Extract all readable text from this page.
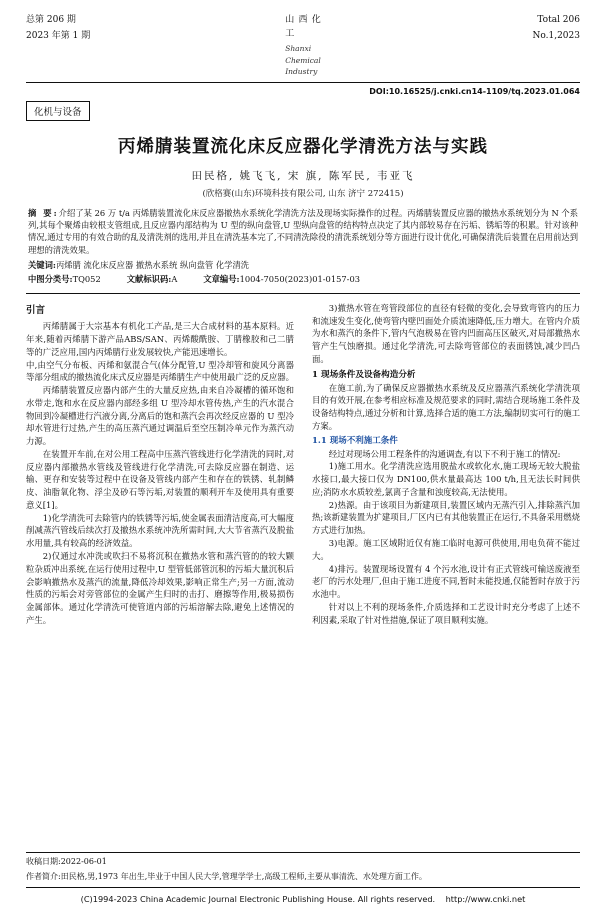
总第 206 期
2023 年第 1 期
山西化工
Shanxi Chemical Industry
Total 206
No.1,2023
DOI:10.16525/j.cnki.cn14-1109/tq.2023.01.064
化机与设备
丙烯腈装置流化床反应器化学清洗方法与实践
田民格, 姚飞飞, 宋 旗, 陈军民, 韦亚飞
(欣格赛(山东)环境科技有限公司, 山东 济宁 272415)
摘 要:介绍了某 26 万 t/a 丙烯腈装置流化床反应器撤热水系统化学清洗方法及现场实际操作的过程。丙烯腈装置反应器的撤热水系统划分为 N 个系列,其每个聚烯由较根支管组成,且反应器内部结构为 U 型的纵向盘管,U 型纵向盘管的结构特点决定了其内部较易存在污垢、锈垢等的积累。针对该种情况,通过专用的有效合助的乱及清洗剂的选用,并且在清洗基本完了,不同清洗除役的清洗系统划分等方面进行设计优化,可确保清洗后装置在启用前达到理想的清洗效果。
关键词:丙烯腈 流化床反应器 撤热水系统 纵向盘管 化学清洗
中图分类号:TQ052	文献标识码:A	文章编号:1004-7050(2023)01-0157-03
引言

丙烯腈属于大宗基本有机化工产品,是三大合成材料的基本原料。近年来,随着丙烯腈下游产品ABS/SAN、丙烯酸酰胺、丁腈橡胶和己二腈等的广泛应用,国内丙烯腈行业发展较快,产能迅速增长。

中,由空气分布板、丙烯和氨混合气(体分配管,U 型冷却管和旋风分离器等部分组成的撤热流化床式反应器是丙烯腈生产中使用最广泛的反应器。

丙烯腈装置反应器内部产生的大量反应热,由来自冷凝槽的循环饱和水带走,饱和水在反应器内部经多组 U 型冷却水管传热,产生的汽水混合物回到冷凝槽进行汽液分离,分离后的饱和蒸汽会再次经反应器的 U 型冷却水管进行过热,产生的高压蒸汽通过调温后至空压制冷单元作为蒸汽动力源。

在装置开车前,在对公用工程高中压蒸汽管线进行化学清洗的同时,对反应器内部撤热水管线及管线进行化学清洗,可去除反应器在制造、运输、更存和安装等过程中在设备及管线内部产生和存在的铁锈、轧制鳞皮、油脂氧化物、浮尘及砂石等污垢,对装置的顺利开车及使用具有重要意义[1]。

1)化学清洗可去除管内的铁锈等污垢,使金属表面清洁度高,可大幅度削减蒸汽管线后续次打及撤热水系统冲洗所需时间,大大节省蒸汽及脱盐水用量,具有较高的经济效益。

2)仅通过水冲洗或吹扫不易将沉积在撤热水管和蒸汽管的的较大颗粒杂质冲出系统,在运行使用过程中,U 型管低部管沉积的污垢大量沉积后会影响撤热水及蒸汽的流量,降低冷却效果,影响正常生产;另一方面,流动性质的污垢会对旁管部位的金属产生归时的击打、磨擦等作用,极易损伤金属部体。通过化学清洗可使管道内部的污垢溶解去除,避免上述情况的产生。

3)撤热水管在弯管段部位的直径有轻微的变化,会导致弯管内的压力和流速发生变化,使弯管内壁凹面处介质流速降低,压力增大。在管内介质为水和蒸汽的条件下,管内气泡极易在管内凹面高压区破灭,对局部撤热水管产生气蚀磨损。通过化学清洗,可去除弯管部位的表面锈蚀,减少凹凸面。

1 现场条件及设备构造分析

在施工前,为了确保反应器撤热水系统及反应器蒸汽系统化学清洗项目的有效开展,在参考相应标准及规范要求的同时,需结合现场施工条件及设备结构特点,通过分析和计算,选择合适的施工方法,编制切实可行的施工方案。

1.1 现场不利施工条件

经过对现场公用工程条件的沟通调查,有以下不利于施工的情况:

1)施工用水。化学清洗应选用脱盐水或软化水,施工现场无较大脱盐水接口,最大接口仅为 DN100,供水量最高达 100 t/h,且无法长时间供应;消防水水质较差,氯离子含量和浊度较高,无法使用。

2)热源。由于该项目为新建项目,装置区域内无蒸汽引入,排除蒸汽加热;该新建装置为扩建项目,厂区内已有其他装置正在运行,不具备采用燃烧方式进行加热。

3)电源。施工区域附近仅有施工临时电源可供使用,用电负荷不能过大。

4)排污。装置现场设置有 4 个污水池,设计有正式管线可输送废液至老厂的污水处理厂,但由于施工进度不同,暂时未能投通,仅能暂时存放于污水池中。

针对以上不利的现场条件,介质选择和工艺设计时充分考虑了上述不利因素,采取了针对性措施,保证了项目顺利实施。

收稿日期:2022-06-01
作者简介:田民格,男,1973 年出生,毕业于中国人民大学,管理学学士,高级工程师,主要从事清洗、水处理方面工作。
(C)1994-2023 China Academic Journal Electronic Publishing House. All rights reserved. http://www.cnki.net
